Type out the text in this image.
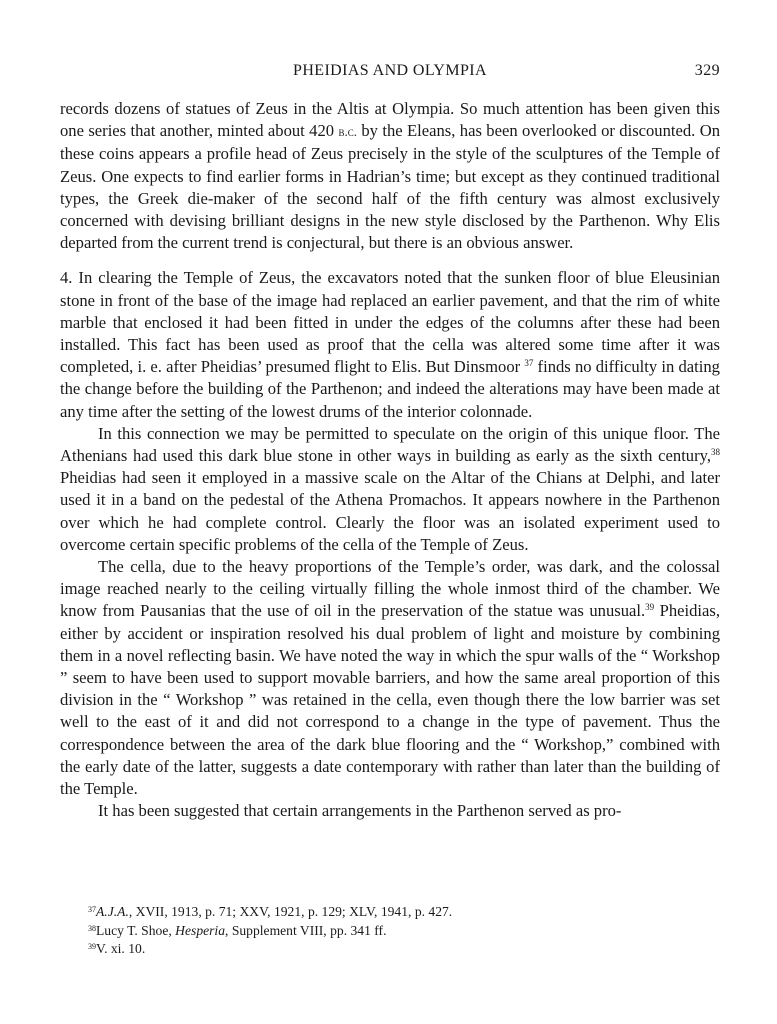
PHEIDIAS AND OLYMPIA	329

records dozens of statues of Zeus in the Altis at Olympia. So much attention has been given this one series that another, minted about 420 b.c. by the Eleans, has been overlooked or discounted. On these coins appears a profile head of Zeus precisely in the style of the sculptures of the Temple of Zeus. One expects to find earlier forms in Hadrian’s time; but except as they continued traditional types, the Greek die-maker of the second half of the fifth century was almost exclusively concerned with devising brilliant designs in the new style disclosed by the Parthenon. Why Elis departed from the current trend is conjectural, but there is an obvious answer.

4. In clearing the Temple of Zeus, the excavators noted that the sunken floor of blue Eleusinian stone in front of the base of the image had replaced an earlier pavement, and that the rim of white marble that enclosed it had been fitted in under the edges of the columns after these had been installed. This fact has been used as proof that the cella was altered some time after it was completed, i. e. after Pheidias’ presumed flight to Elis. But Dinsmoor $^{37}$ finds no difficulty in dating the change before the building of the Parthenon; and indeed the alterations may have been made at any time after the setting of the lowest drums of the interior colonnade.

In this connection we may be permitted to speculate on the origin of this unique floor. The Athenians had used this dark blue stone in other ways in building as early as the sixth century,$^{38}$ Pheidias had seen it employed in a massive scale on the Altar of the Chians at Delphi, and later used it in a band on the pedestal of the Athena Promachos. It appears nowhere in the Parthenon over which he had complete control. Clearly the floor was an isolated experiment used to overcome certain specific problems of the cella of the Temple of Zeus.

The cella, due to the heavy proportions of the Temple’s order, was dark, and the colossal image reached nearly to the ceiling virtually filling the whole inmost third of the chamber. We know from Pausanias that the use of oil in the preservation of the statue was unusual.$^{39}$ Pheidias, either by accident or inspiration resolved his dual problem of light and moisture by combining them in a novel reflecting basin. We have noted the way in which the spur walls of the “ Workshop ” seem to have been used to support movable barriers, and how the same areal proportion of this division in the “ Workshop ” was retained in the cella, even though there the low barrier was set well to the east of it and did not correspond to a change in the type of pavement. Thus the correspondence between the area of the dark blue flooring and the “ Workshop,” combined with the early date of the latter, suggests a date contemporary with rather than later than the building of the Temple.

It has been suggested that certain arrangements in the Parthenon served as pro-

$^{37}$A.J.A., XVII, 1913, p. 71; XXV, 1921, p. 129; XLV, 1941, p. 427.
$^{38}$Lucy T. Shoe, Hesperia, Supplement VIII, pp. 341 ff.
$^{39}$V. xi. 10.
